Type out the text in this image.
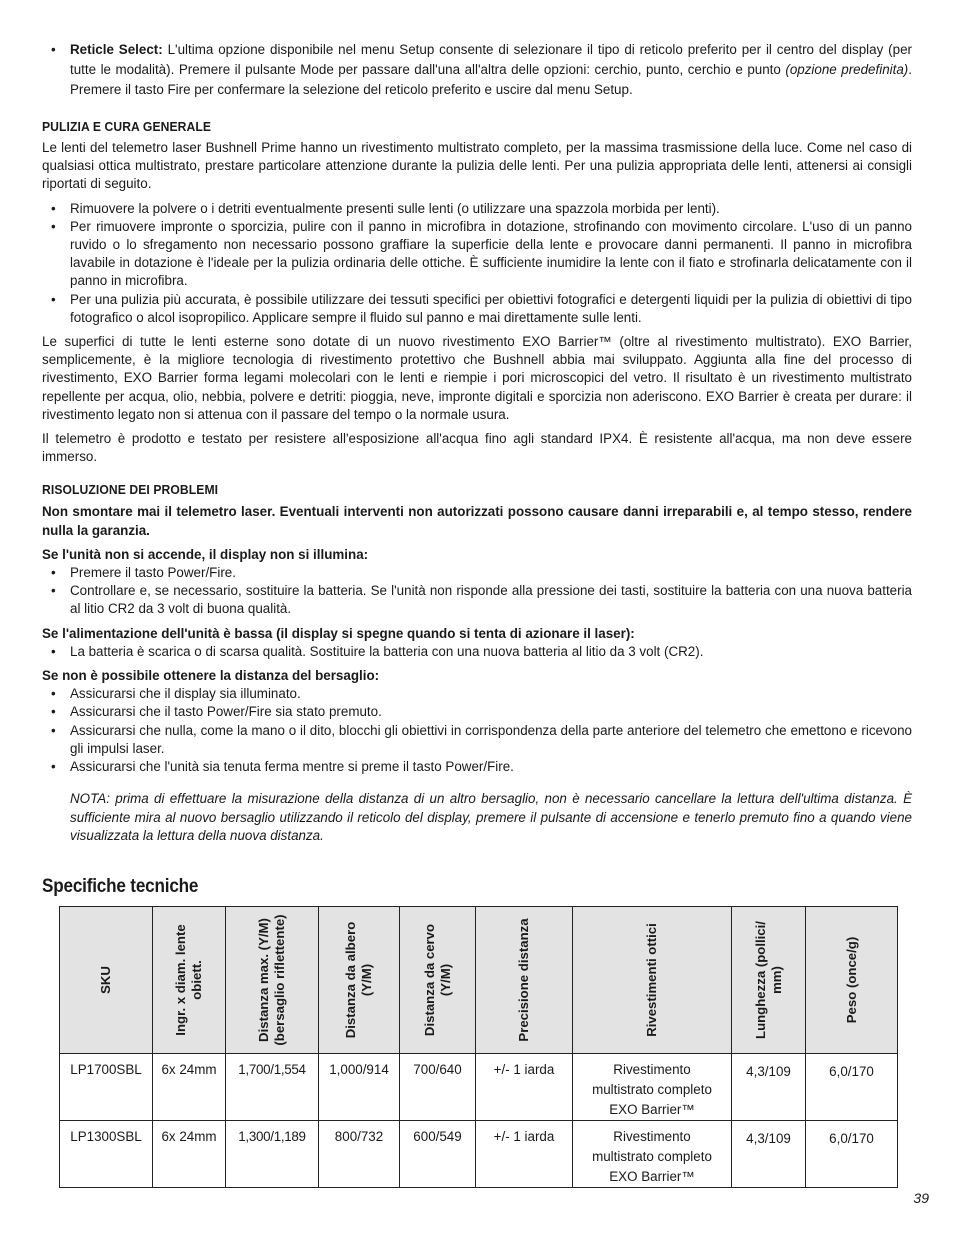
• Reticle Select: L'ultima opzione disponibile nel menu Setup consente di selezionare il tipo di reticolo preferito per il centro del display (per tutte le modalità). Premere il pulsante Mode per passare dall'una all'altra delle opzioni: cerchio, punto, cerchio e punto (opzione predefinita). Premere il tasto Fire per confermare la selezione del reticolo preferito e uscire dal menu Setup.
PULIZIA E CURA GENERALE

Le lenti del telemetro laser Bushnell Prime hanno un rivestimento multistrato completo, per la massima trasmissione della luce. Come nel caso di qualsiasi ottica multistrato, prestare particolare attenzione durante la pulizia delle lenti. Per una pulizia appropriata delle lenti, attenersi ai consigli riportati di seguito.

• Rimuovere la polvere o i detriti eventualmente presenti sulle lenti (o utilizzare una spazzola morbida per lenti).
• Per rimuovere impronte o sporcizia, pulire con il panno in microfibra in dotazione, strofinando con movimento circolare. L'uso di un panno ruvido o lo sfregamento non necessario possono graffiare la superficie della lente e provocare danni permanenti. Il panno in microfibra lavabile in dotazione è l'ideale per la pulizia ordinaria delle ottiche. È sufficiente inumidire la lente con il fiato e strofinarla delicatamente con il panno in microfibra.
• Per una pulizia più accurata, è possibile utilizzare dei tessuti specifici per obiettivi fotografici e detergenti liquidi per la pulizia di obiettivi di tipo fotografico o alcol isopropilico. Applicare sempre il fluido sul panno e mai direttamente sulle lenti.

Le superfici di tutte le lenti esterne sono dotate di un nuovo rivestimento EXO Barrier™ (oltre al rivestimento multistrato). EXO Barrier, semplicemente, è la migliore tecnologia di rivestimento protettivo che Bushnell abbia mai sviluppato. Aggiunta alla fine del processo di rivestimento, EXO Barrier forma legami molecolari con le lenti e riempie i pori microscopici del vetro. Il risultato è un rivestimento multistrato repellente per acqua, olio, nebbia, polvere e detriti: pioggia, neve, impronte digitali e sporcizia non aderiscono. EXO Barrier è creata per durare: il rivestimento legato non si attenua con il passare del tempo o la normale usura.

Il telemetro è prodotto e testato per resistere all'esposizione all'acqua fino agli standard IPX4. È resistente all'acqua, ma non deve essere immerso.

RISOLUZIONE DEI PROBLEMI

Non smontare mai il telemetro laser. Eventuali interventi non autorizzati possono causare danni irreparabili e, al tempo stesso, rendere nulla la garanzia.

Se l'unità non si accende, il display non si illumina:

• Premere il tasto Power/Fire.
• Controllare e, se necessario, sostituire la batteria. Se l'unità non risponde alla pressione dei tasti, sostituire la batteria con una nuova batteria al litio CR2 da 3 volt di buona qualità.

Se l'alimentazione dell'unità è bassa (il display si spegne quando si tenta di azionare il laser):

• La batteria è scarica o di scarsa qualità. Sostituire la batteria con una nuova batteria al litio da 3 volt (CR2).

Se non è possibile ottenere la distanza del bersaglio:

• Assicurarsi che il display sia illuminato.
• Assicurarsi che il tasto Power/Fire sia stato premuto.
• Assicurarsi che nulla, come la mano o il dito, blocchi gli obiettivi in corrispondenza della parte anteriore del telemetro che emettono e ricevono gli impulsi laser.
• Assicurarsi che l'unità sia tenuta ferma mentre si preme il tasto Power/Fire.

NOTA: prima di effettuare la misurazione della distanza di un altro bersaglio, non è necessario cancellare la lettura dell'ultima distanza. È sufficiente mira al nuovo bersaglio utilizzando il reticolo del display, premere il pulsante di accensione e tenerlo premuto fino a quando viene visualizzata la lettura della nuova distanza.

Specifiche tecniche
SKU	Ingr. x diam. lente obiett.	Distanza max. (Y/M) (bersaglio riflettente)	Distanza da albero (Y/M)	Distanza da cervo (Y/M)	Precisione distanza	Rivestimenti ottici	Lunghezza (pollici/ mm)	Peso (once/g)

LP1700SBL	6x 24mm	1,700/1,554	1,000/914	700/640	+/- 1 iarda	Rivestimento multistrato completo EXO Barrier™	4,3/109	6,0/170
LP1300SBL	6x 24mm	1,300/1,189	800/732	600/549	+/- 1 iarda	Rivestimento multistrato completo EXO Barrier™	4,3/109	6,0/170
39
